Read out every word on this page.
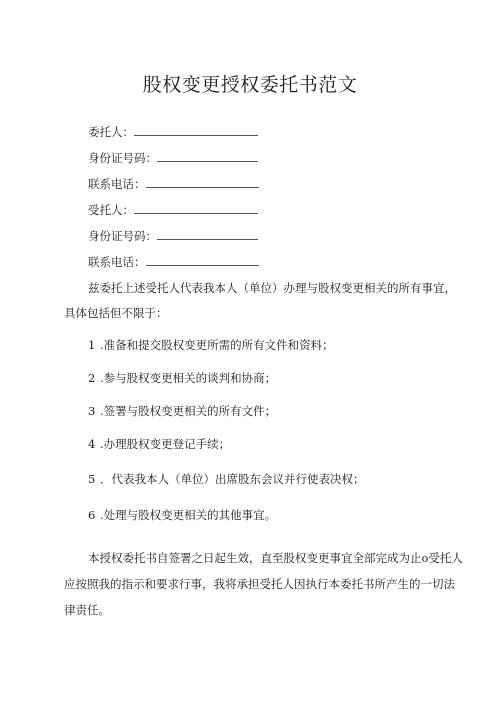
股权变更授权委托书范文
委托人：
身份证号码：
联系电话：
受托人：
身份证号码：
联系电话：
兹委托上述受托人代表我本人（单位）办理与股权变更相关的所有事宜，
具体包括但不限于：
1 .准备和提交股权变更所需的所有文件和资料；
2 .参与股权变更相关的谈判和协商；
3 .签署与股权变更相关的所有文件；
4 .办理股权变更登记手续；
5 ．代表我本人（单位）出席股东会议并行使表决权；
6 .处理与股权变更相关的其他事宜。
本授权委托书自签署之日起生效，直至股权变更事宜全部完成为止o受托人
应按照我的指示和要求行事，我将承担受托人因执行本委托书所产生的一切法
律责任。
